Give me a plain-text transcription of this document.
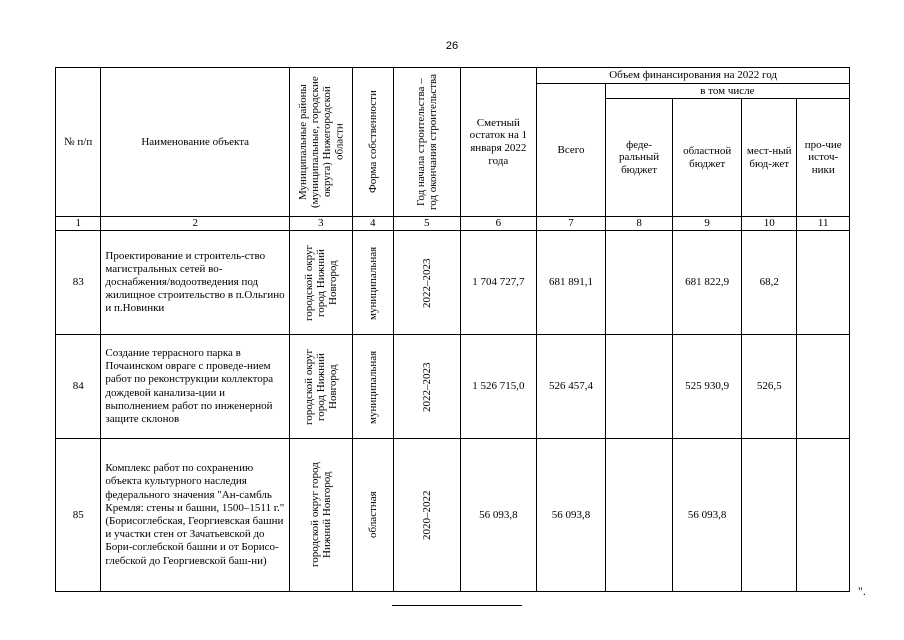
26
№ п/п	Наименование объекта	Муниципальные районы (муниципальные, городские округа) Нижегородской области	Форма собственности	Год начала строительства – год окончания строительства	Сметный остаток на 1 января 2022 года	Объем финансирования на 2022 год				
						Всего	в том числе			
							феде-ральный бюджет	областной бюджет	мест-ный бюд-жет	про-чие источ-ники
1	2	3	4	5	6	7	8	9	10	11
83	Проектирование и строитель-ство магистральных сетей во-доснабжения/водоотведения под жилищное строительство в п.Ольгино и п.Новинки	городской округ город Нижний Новгород	муниципальная	2022–2023	1 704 727,7	681 891,1		681 822,9	68,2	
84	Создание террасного парка в Почаинском овраге с проведе-нием работ по реконструкции коллектора дождевой канализа-ции и выполнением работ по инженерной защите склонов	городской округ город Нижний Новгород	муниципальная	2022–2023	1 526 715,0	526 457,4		525 930,9	526,5	
85	Комплекс работ по сохранению объекта культурного наследия федерального значения "Ан-самбль Кремля: стены и башни, 1500–1511 г." (Борисоглебская, Георгиевская башни и участки стен от Зачатьевской до Бори-соглебской башни и от Борисо-глебской до Георгиевской баш-ни)	городской округ город Нижний Новгород	областная	2020–2022	56 093,8	56 093,8		56 093,8		
".
